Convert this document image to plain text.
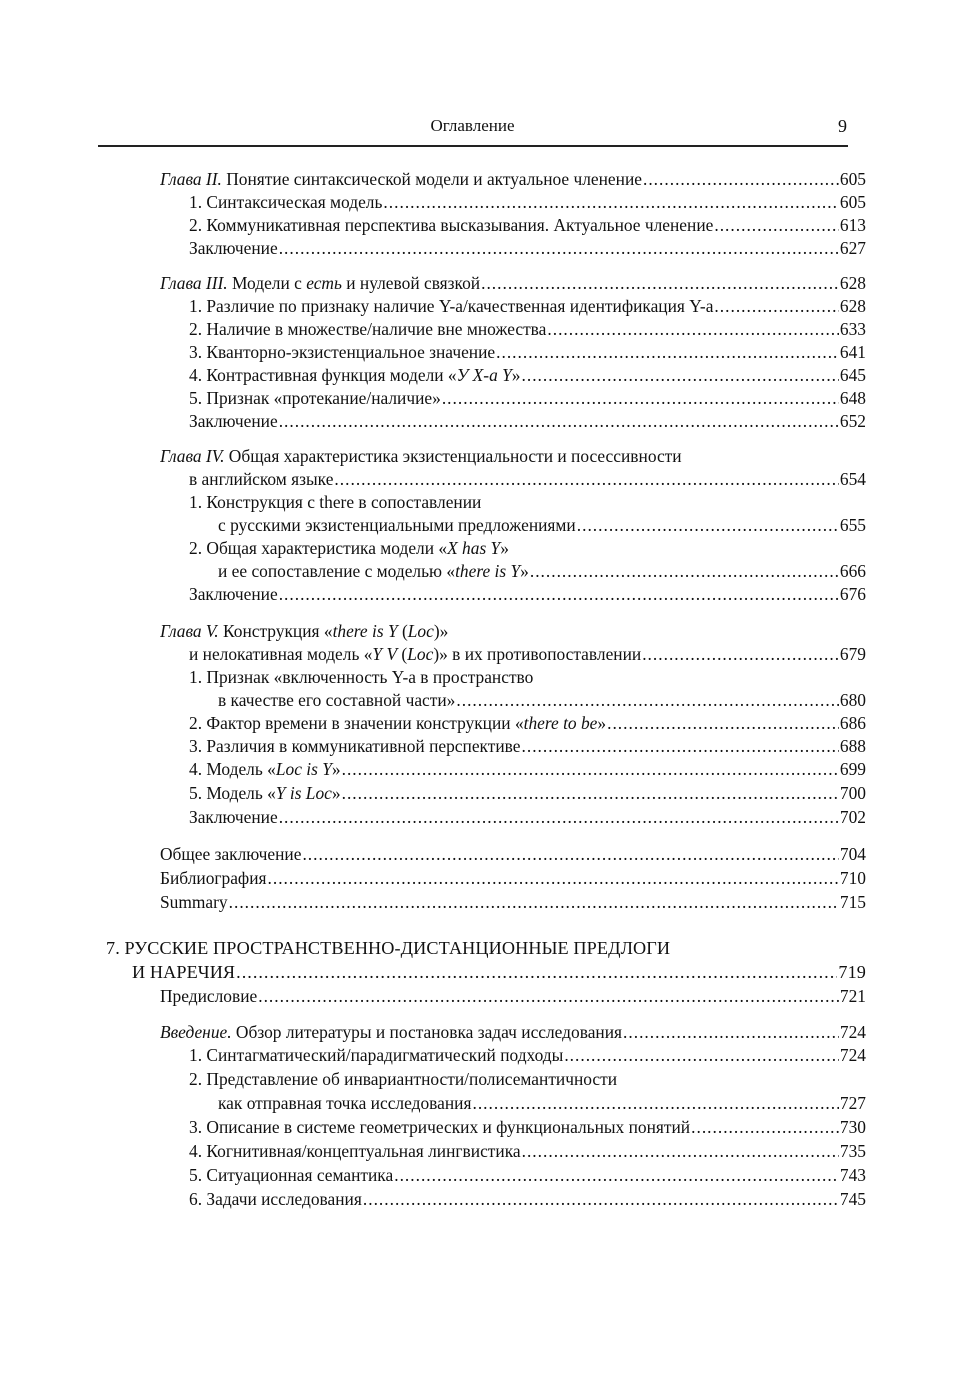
Оглавление	9
Глава II. Понятие синтаксической модели и актуальное членение .....	605
1. Синтаксическая модель .....	605
2. Коммуникативная перспектива высказывания. Актуальное членение .....	613
Заключение .....	627
Глава III. Модели с есть и нулевой связкой .....	628
1. Различие по признаку наличие Y-а/качественная идентификация Y-а .....	628
2. Наличие в множестве/наличие вне множества .....	633
3. Кванторно-экзистенциальное значение .....	641
4. Контрастивная функция модели «У Х-а Y» .....	645
5. Признак «протекание/наличие» .....	648
Заключение .....	652
Глава IV. Общая характеристика экзистенциальности и посессивности
в английском языке .....	654
1. Конструкция с there в сопоставлении
с русскими экзистенциальными предложениями .....	655
2. Общая характеристика модели «X has Y»
и ее сопоставление с моделью «there is Y» .....	666
Заключение .....	676
Глава V. Конструкция «there is Y (Loc)»
и нелокативная модель «Y V (Loc)» в их противопоставлении .....	679
1. Признак «включенность Y-а в пространство
в качестве его составной части» .....	680
2. Фактор времени в значении конструкции «there to be» .....	686
3. Различия в коммуникативной перспективе .....	688
4. Модель «Loc is Y» .....	699
5. Модель «Y is Loc» .....	700
Заключение .....	702
Общее заключение .....	704
Библиография .....	710
Summary .....	715
7. РУССКИЕ ПРОСТРАНСТВЕННО-ДИСТАНЦИОННЫЕ ПРЕДЛОГИ
И НАРЕЧИЯ .....	719
Предисловие .....	721
Введение. Обзор литературы и постановка задач исследования .....	724
1. Синтагматический/парадигматический подходы .....	724
2. Представление об инвариантности/полисемантичности
как отправная точка исследования .....	727
3. Описание в системе геометрических и функциональных понятий .....	730
4. Когнитивная/концептуальная лингвистика .....	735
5. Ситуационная семантика .....	743
6. Задачи исследования .....	745
